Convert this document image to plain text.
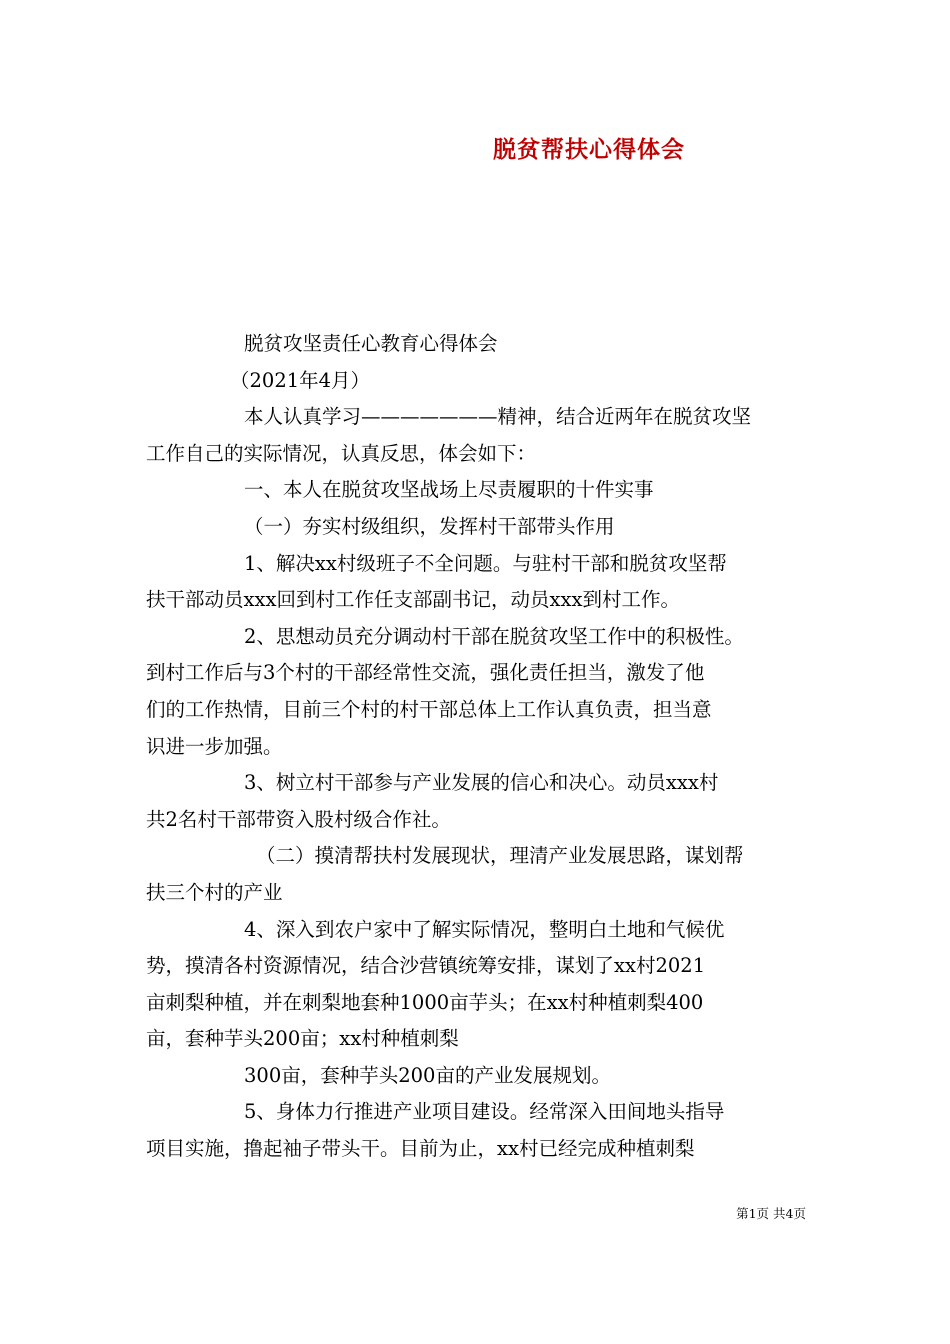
脱贫帮扶心得体会

脱贫攻坚责任心教育心得体会

（2021年4月）

本人认真学习———————精神，结合近两年在脱贫攻坚

工作自己的实际情况，认真反思，体会如下：

一、本人在脱贫攻坚战场上尽责履职的十件实事

（一）夯实村级组织，发挥村干部带头作用

1、解决xx村级班子不全问题。与驻村干部和脱贫攻坚帮

扶干部动员xxx回到村工作任支部副书记，动员xxx到村工作。

2、思想动员充分调动村干部在脱贫攻坚工作中的积极性。

到村工作后与3个村的干部经常性交流，强化责任担当，激发了他

们的工作热情，目前三个村的村干部总体上工作认真负责，担当意

识进一步加强。

3、树立村干部参与产业发展的信心和决心。动员xxx村

共2名村干部带资入股村级合作社。

（二）摸清帮扶村发展现状，理清产业发展思路，谋划帮

扶三个村的产业

4、深入到农户家中了解实际情况，整明白土地和气候优

势，摸清各村资源情况，结合沙营镇统筹安排，谋划了xx村2021

亩刺梨种植，并在刺梨地套种1000亩芋头；在xx村种植刺梨400

亩，套种芋头200亩；xx村种植刺梨

300亩，套种芋头200亩的产业发展规划。

5、身体力行推进产业项目建设。经常深入田间地头指导

项目实施，撸起袖子带头干。目前为止，xx村已经完成种植刺梨

第1页 共4页
